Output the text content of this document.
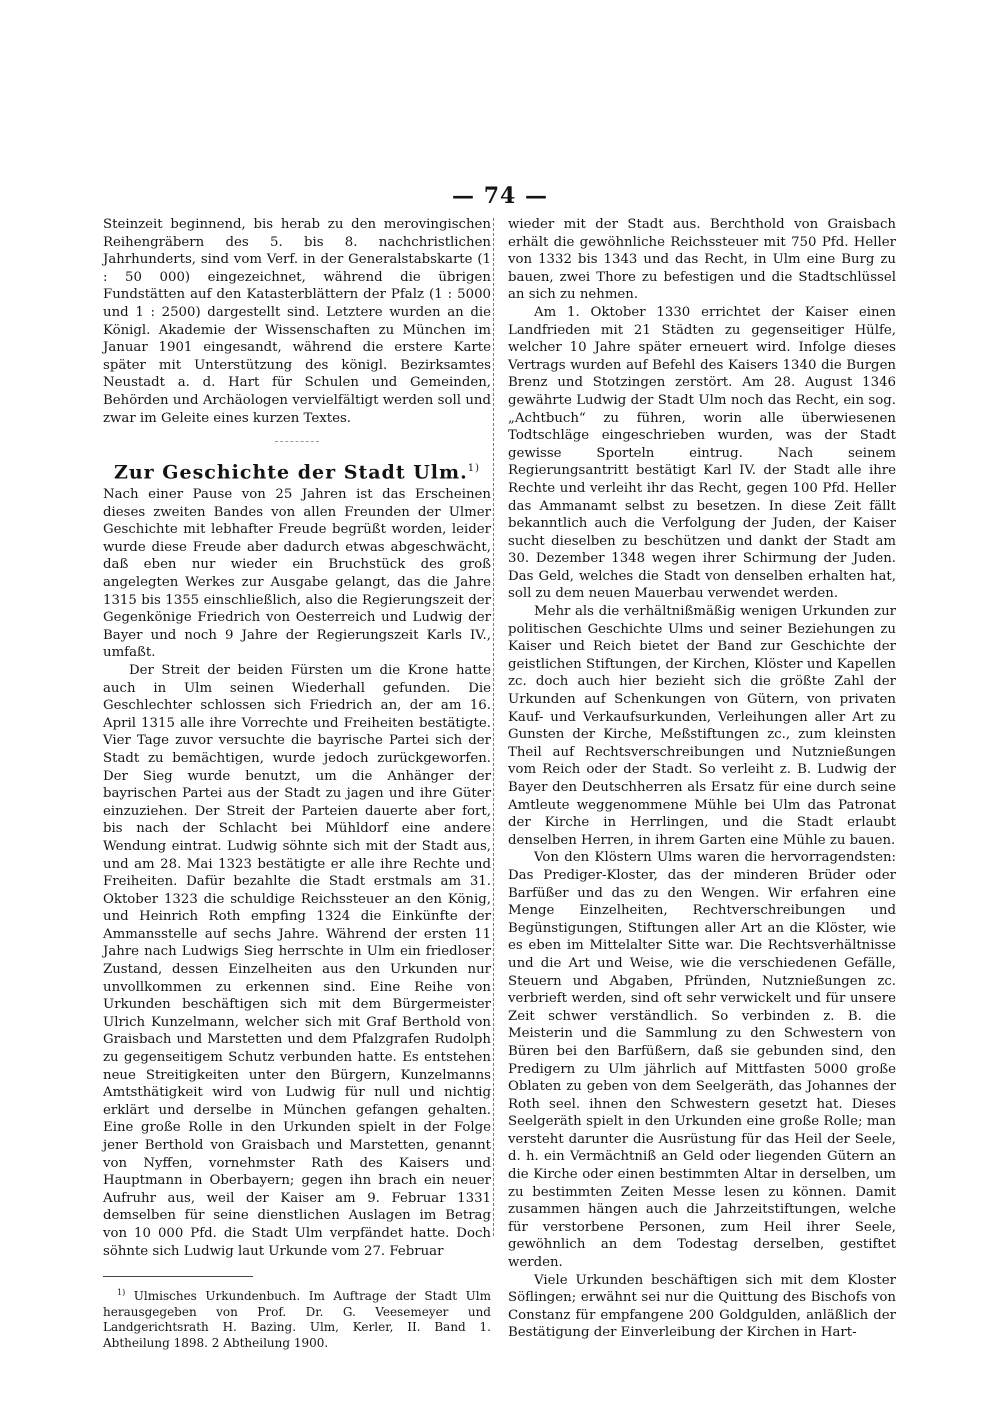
— 74 —

Steinzeit beginnend, bis herab zu den merovingischen Reihengräbern des 5. bis 8. nachchristlichen Jahrhunderts, sind vom Verf. in der Generalstabskarte (1 : 50 000) eingezeichnet, während die übrigen Fundstätten auf den Katasterblättern der Pfalz (1 : 5000 und 1 : 2500) dargestellt sind. Letztere wurden an die Königl. Akademie der Wissenschaften zu München im Januar 1901 eingesandt, während die erstere Karte später mit Unterstützung des königl. Bezirksamtes Neustadt a. d. Hart für Schulen und Gemeinden, Behörden und Archäologen vervielfältigt werden soll und zwar im Geleite eines kurzen Textes.

Zur Geschichte der Stadt Ulm.$^{1)}$

Nach einer Pause von 25 Jahren ist das Erscheinen dieses zweiten Bandes von allen Freunden der Ulmer Geschichte mit lebhafter Freude begrüßt worden, leider wurde diese Freude aber dadurch etwas abgeschwächt, daß eben nur wieder ein Bruchstück des groß angelegten Werkes zur Ausgabe gelangt, das die Jahre 1315 bis 1355 einschließlich, also die Regierungszeit der Gegenkönige Friedrich von Oesterreich und Ludwig der Bayer und noch 9 Jahre der Regierungszeit Karls IV., umfaßt.

Der Streit der beiden Fürsten um die Krone hatte auch in Ulm seinen Wiederhall gefunden. Die Geschlechter schlossen sich Friedrich an, der am 16. April 1315 alle ihre Vorrechte und Freiheiten bestätigte. Vier Tage zuvor versuchte die bayrische Partei sich der Stadt zu bemächtigen, wurde jedoch zurückgeworfen. Der Sieg wurde benutzt, um die Anhänger der bayrischen Partei aus der Stadt zu jagen und ihre Güter einzuziehen. Der Streit der Parteien dauerte aber fort, bis nach der Schlacht bei Mühldorf eine andere Wendung eintrat. Ludwig söhnte sich mit der Stadt aus, und am 28. Mai 1323 bestätigte er alle ihre Rechte und Freiheiten. Dafür bezahlte die Stadt erstmals am 31. Oktober 1323 die schuldige Reichssteuer an den König, und Heinrich Roth empfing 1324 die Einkünfte der Ammansstelle auf sechs Jahre. Während der ersten 11 Jahre nach Ludwigs Sieg herrschte in Ulm ein friedloser Zustand, dessen Einzelheiten aus den Urkunden nur unvollkommen zu erkennen sind. Eine Reihe von Urkunden beschäftigen sich mit dem Bürgermeister Ulrich Kunzelmann, welcher sich mit Graf Berthold von Graisbach und Marstetten und dem Pfalzgrafen Rudolph zu gegenseitigem Schutz verbunden hatte. Es entstehen neue Streitigkeiten unter den Bürgern, Kunzelmanns Amtsthätigkeit wird von Ludwig für null und nichtig erklärt und derselbe in München gefangen gehalten. Eine große Rolle in den Urkunden spielt in der Folge jener Berthold von Graisbach und Marstetten, genannt von Nyffen, vornehmster Rath des Kaisers und Hauptmann in Oberbayern; gegen ihn brach ein neuer Aufruhr aus, weil der Kaiser am 9. Februar 1331 demselben für seine dienstlichen Auslagen im Betrag von 10 000 Pfd. die Stadt Ulm verpfändet hatte. Doch söhnte sich Ludwig laut Urkunde vom 27. Februar

$^{1)}$ Ulmisches Urkundenbuch. Im Auftrage der Stadt Ulm herausgegeben von Prof. Dr. G. Veesemeyer und Landgerichtsrath H. Bazing. Ulm, Kerler, II. Band 1. Abtheilung 1898. 2 Abtheilung 1900.

wieder mit der Stadt aus. Berchthold von Graisbach erhält die gewöhnliche Reichssteuer mit 750 Pfd. Heller von 1332 bis 1343 und das Recht, in Ulm eine Burg zu bauen, zwei Thore zu befestigen und die Stadtschlüssel an sich zu nehmen.

Am 1. Oktober 1330 errichtet der Kaiser einen Landfrieden mit 21 Städten zu gegenseitiger Hülfe, welcher 10 Jahre später erneuert wird. Infolge dieses Vertrags wurden auf Befehl des Kaisers 1340 die Burgen Brenz und Stotzingen zerstört. Am 28. August 1346 gewährte Ludwig der Stadt Ulm noch das Recht, ein sog. „Achtbuch“ zu führen, worin alle überwiesenen Todtschläge eingeschrieben wurden, was der Stadt gewisse Sporteln eintrug. Nach seinem Regierungsantritt bestätigt Karl IV. der Stadt alle ihre Rechte und verleiht ihr das Recht, gegen 100 Pfd. Heller das Ammanamt selbst zu besetzen. In diese Zeit fällt bekanntlich auch die Verfolgung der Juden, der Kaiser sucht dieselben zu beschützen und dankt der Stadt am 30. Dezember 1348 wegen ihrer Schirmung der Juden. Das Geld, welches die Stadt von denselben erhalten hat, soll zu dem neuen Mauerbau verwendet werden.

Mehr als die verhältnißmäßig wenigen Urkunden zur politischen Geschichte Ulms und seiner Beziehungen zu Kaiser und Reich bietet der Band zur Geschichte der geistlichen Stiftungen, der Kirchen, Klöster und Kapellen zc. doch auch hier bezieht sich die größte Zahl der Urkunden auf Schenkungen von Gütern, von privaten Kauf- und Verkaufsurkunden, Verleihungen aller Art zu Gunsten der Kirche, Meßstiftungen zc., zum kleinsten Theil auf Rechtsverschreibungen und Nutznießungen vom Reich oder der Stadt. So verleiht z. B. Ludwig der Bayer den Deutschherren als Ersatz für eine durch seine Amtleute weggenommene Mühle bei Ulm das Patronat der Kirche in Herrlingen, und die Stadt erlaubt denselben Herren, in ihrem Garten eine Mühle zu bauen.

Von den Klöstern Ulms waren die hervorragendsten: Das Prediger-Kloster, das der minderen Brüder oder Barfüßer und das zu den Wengen. Wir erfahren eine Menge Einzelheiten, Rechtverschreibungen und Begünstigungen, Stiftungen aller Art an die Klöster, wie es eben im Mittelalter Sitte war. Die Rechtsverhältnisse und die Art und Weise, wie die verschiedenen Gefälle, Steuern und Abgaben, Pfründen, Nutznießungen zc. verbrieft werden, sind oft sehr verwickelt und für unsere Zeit schwer verständlich. So verbinden z. B. die Meisterin und die Sammlung zu den Schwestern von Büren bei den Barfüßern, daß sie gebunden sind, den Predigern zu Ulm jährlich auf Mittfasten 5000 große Oblaten zu geben von dem Seelgeräth, das Johannes der Roth seel. ihnen den Schwestern gesetzt hat. Dieses Seelgeräth spielt in den Urkunden eine große Rolle; man versteht darunter die Ausrüstung für das Heil der Seele, d. h. ein Vermächtniß an Geld oder liegenden Gütern an die Kirche oder einen bestimmten Altar in derselben, um zu bestimmten Zeiten Messe lesen zu können. Damit zusammen hängen auch die Jahrzeitstiftungen, welche für verstorbene Personen, zum Heil ihrer Seele, gewöhnlich an dem Todestag derselben, gestiftet werden.

Viele Urkunden beschäftigen sich mit dem Kloster Söflingen; erwähnt sei nur die Quittung des Bischofs von Constanz für empfangene 200 Goldgulden, anläßlich der Bestätigung der Einverleibung der Kirchen in Hart-
